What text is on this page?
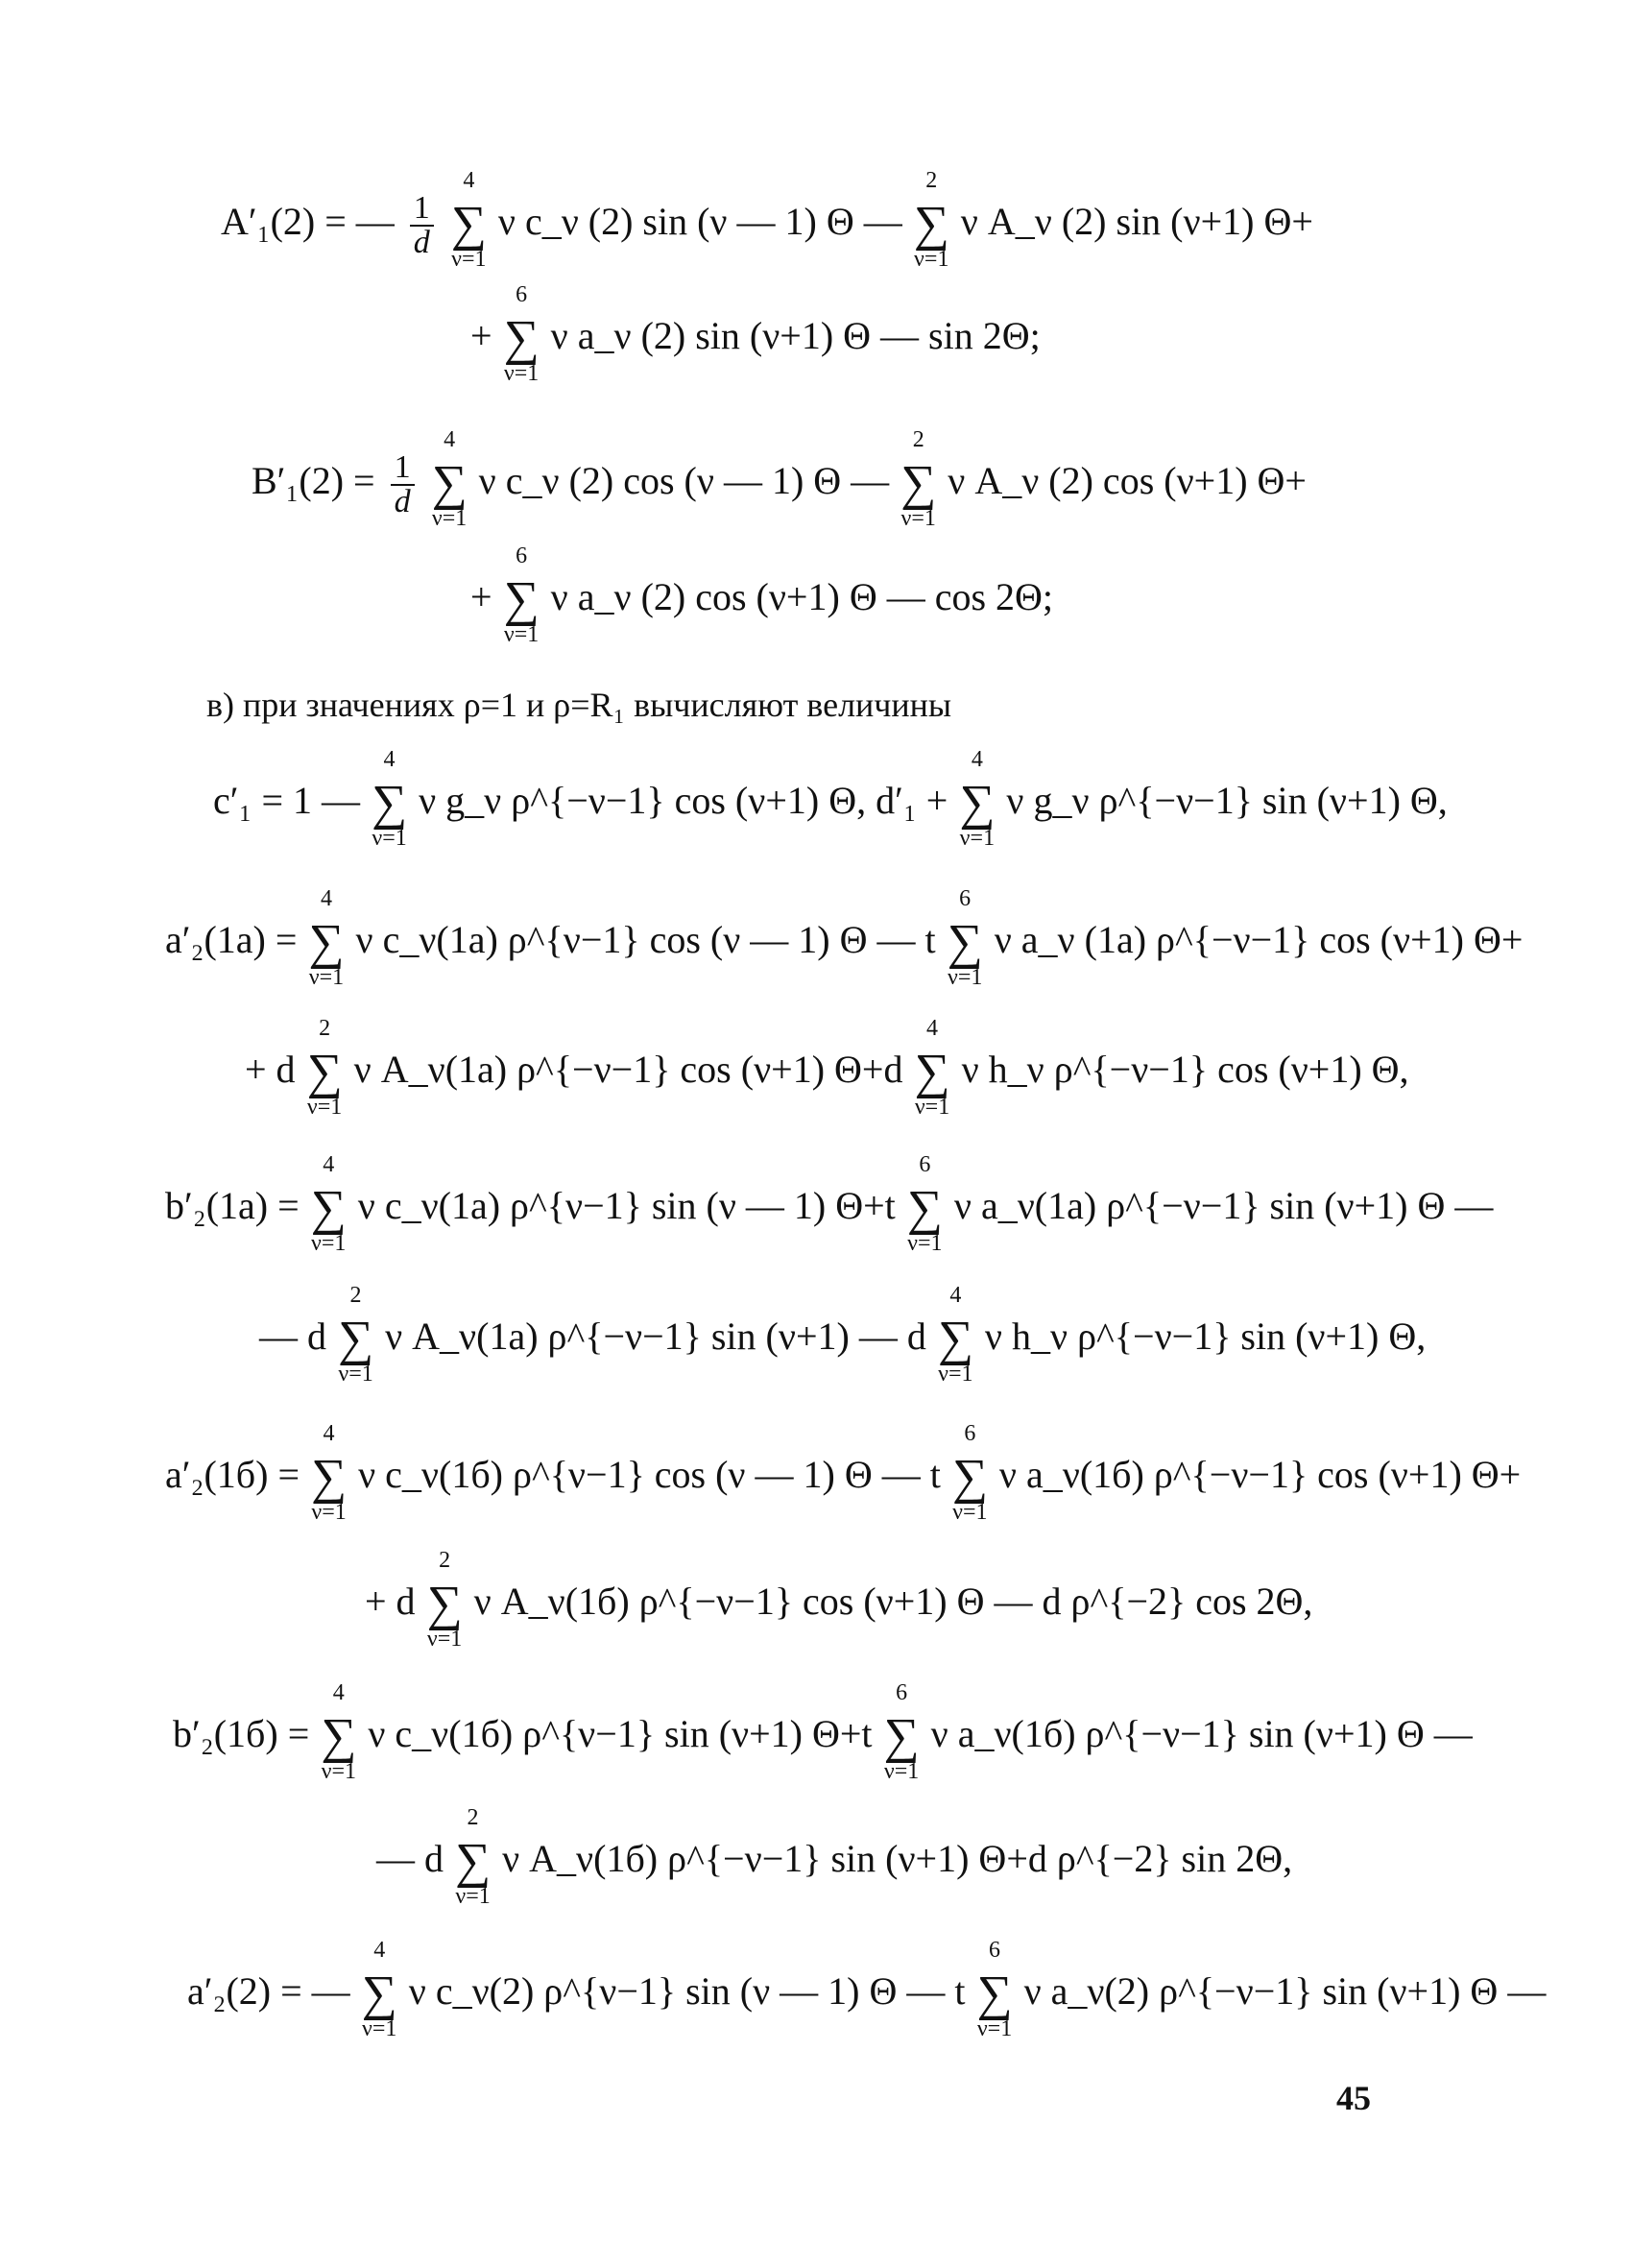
A′₁(2) = — $\frac{1}{d}$ ∑
4
ν=1
ν c_ν (2) sin (ν — 1) Θ — ∑
2
ν=1
ν A_ν (2) sin (ν+1) Θ+
+ ∑
6
ν=1
ν a_ν (2) sin (ν+1) Θ — sin 2Θ;
$B'_1(2) = \frac{1}{d}$ ∑
4
ν=1
ν c_ν (2) cos (ν — 1) Θ — ∑
2
ν=1
ν A_ν (2) cos (ν+1) Θ+
+ ∑
6
ν=1
ν a_ν (2) cos (ν+1) Θ — cos 2Θ;
в) при значениях ρ=1 и ρ=R₁ вычисляют величины
c′₁ = 1 — ∑
4
ν=1
ν g_ν ρ^{−ν−1} cos (ν+1) Θ, d′₁ + ∑
4
ν=1
ν g_ν ρ^{−ν−1} sin (ν+1) Θ,
a′₂(1а) = ∑
4
ν=1
ν c_ν(1а) ρ^{ν−1} cos (ν — 1) Θ — t ∑
6
ν=1
ν a_ν (1а) ρ^{−ν−1} cos (ν+1) Θ+
+ d ∑
2
ν=1
ν A_ν(1а) ρ^{−ν−1} cos (ν+1) Θ+d ∑
4
ν=1
ν h_ν ρ^{−ν−1} cos (ν+1) Θ,
b′₂(1а) = ∑
4
ν=1
ν c_ν(1а) ρ^{ν−1} sin (ν — 1) Θ+t ∑
6
ν=1
ν a_ν(1а) ρ^{−ν−1} sin (ν+1) Θ —
— d ∑
2
ν=1
ν A_ν(1а) ρ^{−ν−1} sin (ν+1) — d ∑
4
ν=1
ν h_ν ρ^{−ν−1} sin (ν+1) Θ,
a′₂(1б) = ∑
4
ν=1
ν c_ν(1б) ρ^{ν−1} cos (ν — 1) Θ — t ∑
6
ν=1
ν a_ν(1б) ρ^{−ν−1} cos (ν+1) Θ+
+ d ∑
2
ν=1
ν A_ν(1б) ρ^{−ν−1} cos (ν+1) Θ — d ρ^{−2} cos 2Θ,
b′₂(1б) = ∑
4
ν=1
ν c_ν(1б) ρ^{ν−1} sin (ν+1) Θ+t ∑
6
ν=1
ν a_ν(1б) ρ^{−ν−1} sin (ν+1) Θ —
— d ∑
2
ν=1
ν A_ν(1б) ρ^{−ν−1} sin (ν+1) Θ+d ρ^{−2} sin 2Θ,
a′₂(2) = — ∑
4
ν=1
ν c_ν(2) ρ^{ν−1} sin (ν — 1) Θ — t ∑
6
ν=1
ν a_ν(2) ρ^{−ν−1} sin (ν+1) Θ —
45
